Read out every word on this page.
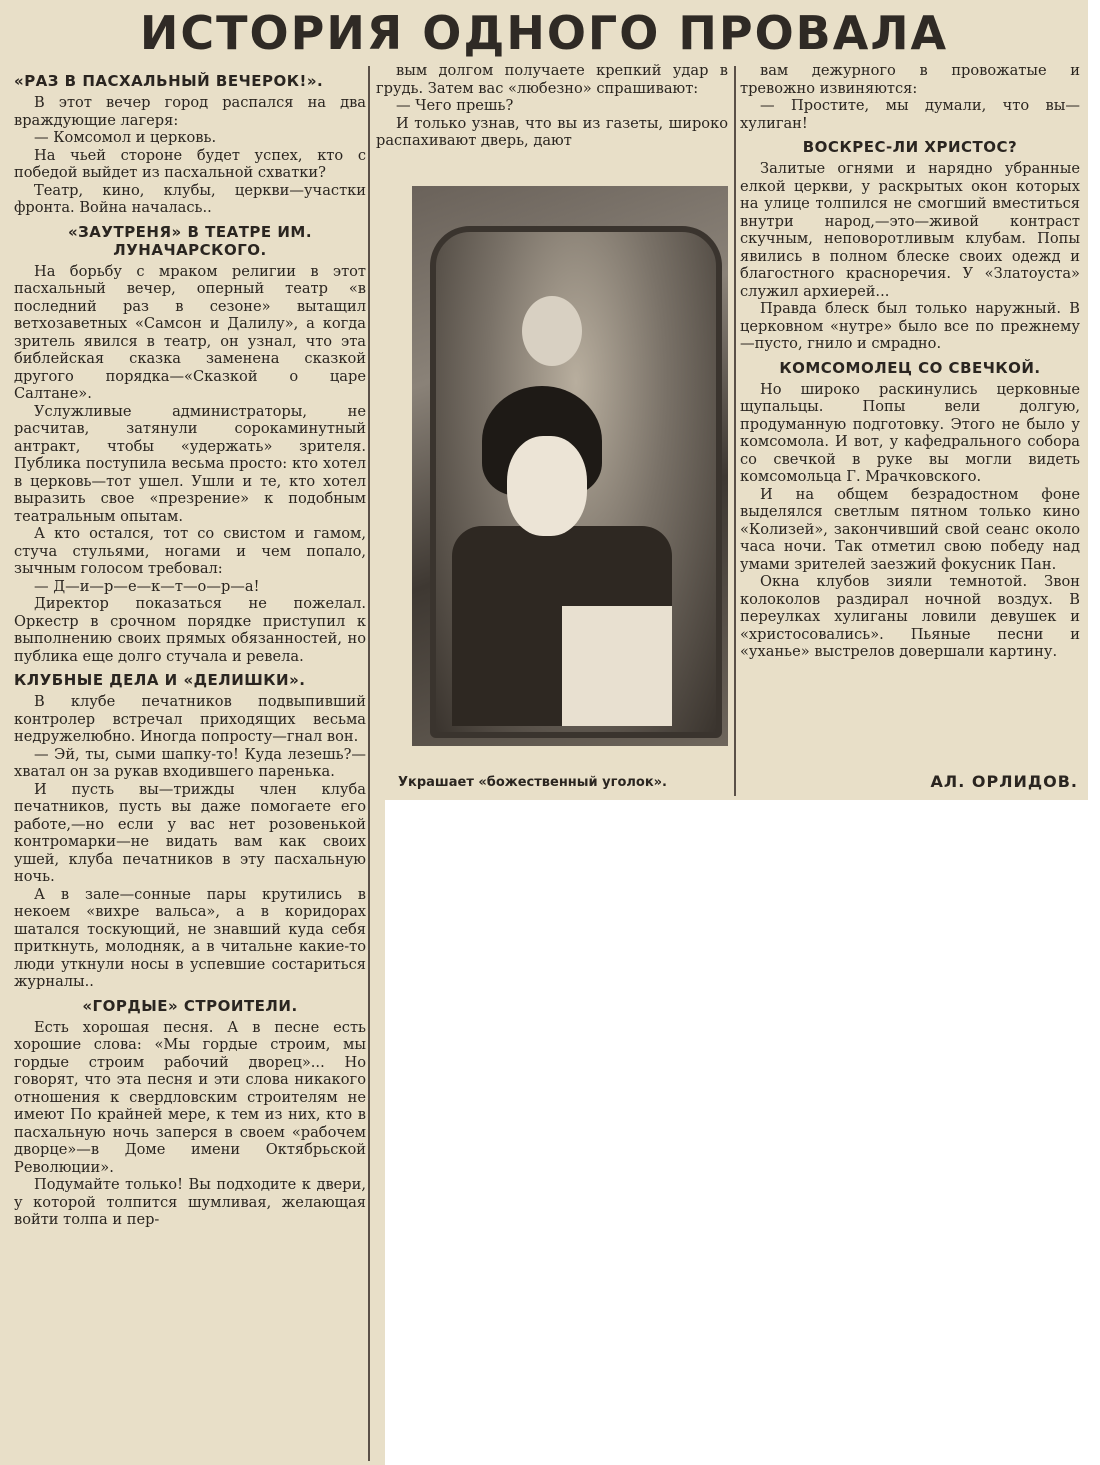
ИСТОРИЯ ОДНОГО ПРОВАЛА
«РАЗ В ПАСХАЛЬНЫЙ ВЕЧЕРОК!».

В этот вечер город распался на два враждующие лагеря:

— Комсомол и церковь.

На чьей стороне будет успех, кто с победой выйдет из пасхальной схватки?

Театр, кино, клубы, церкви—участки фронта. Война началась..

«ЗАУТРЕНЯ» В ТЕАТРЕ ИМ. ЛУНАЧАРСКОГО.

На борьбу с мраком религии в этот пасхальный вечер, оперный театр «в последний раз в сезоне» вытащил ветхозаветных «Самсон и Далилу», а когда зритель явился в театр, он узнал, что эта библейская сказка заменена сказкой другого порядка—«Сказкой о царе Салтане».

Услужливые администраторы, не расчитав, затянули сорокаминутный антракт, чтобы «удержать» зрителя. Публика поступила весьма просто: кто хотел в церковь—тот ушел. Ушли и те, кто хотел выразить свое «презрение» к подобным театральным опытам.

А кто остался, тот со свистом и гамом, стуча стульями, ногами и чем попало, зычным голосом требовал:

— Д—и—р—е—к—т—о—р—а!

Директор показаться не пожелал. Оркестр в срочном порядке приступил к выполнению своих прямых обязанностей, но публика еще долго стучала и ревела.

КЛУБНЫЕ ДЕЛА И «ДЕЛИШКИ».

В клубе печатников подвыпивший контролер встречал приходящих весьма недружелюбно. Иногда попросту—гнал вон.

— Эй, ты, сыми шапку-то! Куда лезешь?—хватал он за рукав входившего паренька.

И пусть вы—трижды член клуба печатников, пусть вы даже помогаете его работе,—но если у вас нет розовенькой контромарки—не видать вам как своих ушей, клуба печатников в эту пасхальную ночь.

А в зале—сонные пары крутились в некоем «вихре вальса», а в коридорах шатался тоскующий, не знавший куда себя приткнуть, молодняк, а в читальне какие-то люди уткнули носы в успевшие состариться журналы..

«ГОРДЫЕ» СТРОИТЕЛИ.

Есть хорошая песня. А в песне есть хорошие слова: «Мы гордые строим, мы гордые строим рабочий дворец»... Но говорят, что эта песня и эти слова никакого отношения к свердловским строителям не имеют По крайней мере, к тем из них, кто в пасхальную ночь заперся в своем «рабочем дворце»—в Доме имени Октябрьской Революции».

Подумайте только! Вы подходите к двери, у которой толпится шумливая, желающая войти толпа и пер-

вым долгом получаете крепкий удар в грудь. Затем вас «любезно» спрашивают:

— Чего прешь?

И только узнав, что вы из газеты, широко распахивают дверь, дают

Украшает «божественный уголок».

вам дежурного в провожатые и тревожно извиняются:

— Простите, мы думали, что вы—хулиган!

ВОСКРЕС-ЛИ ХРИСТОС?

Залитые огнями и нарядно убранные елкой церкви, у раскрытых окон которых на улице толпился не смогший вместиться внутри народ,—это—живой контраст скучным, неповоротливым клубам. Попы явились в полном блеске своих одежд и благостного красноречия. У «Златоуста» служил архиерей...

Правда блеск был только наружный. В церковном «нутре» было все по прежнему—пусто, гнило и смрадно.

КОМСОМОЛЕЦ СО СВЕЧКОЙ.

Но широко раскинулись церковные щупальцы. Попы вели долгую, продуманную подготовку. Этого не было у комсомола. И вот, у кафедрального собора со свечкой в руке вы могли видеть комсомольца Г. Мрачковского.

И на общем безрадостном фоне выделялся светлым пятном только кино «Колизей», закончивший свой сеанс около часа ночи. Так отметил свою победу над умами зрителей заезжий фокусник Пан.

Окна клубов зияли темнотой. Звон колоколов раздирал ночной воздух. В переулках хулиганы ловили девушек и «христосовались». Пьяные песни и «уханье» выстрелов довершали картину.

АЛ. ОРЛИДОВ.
